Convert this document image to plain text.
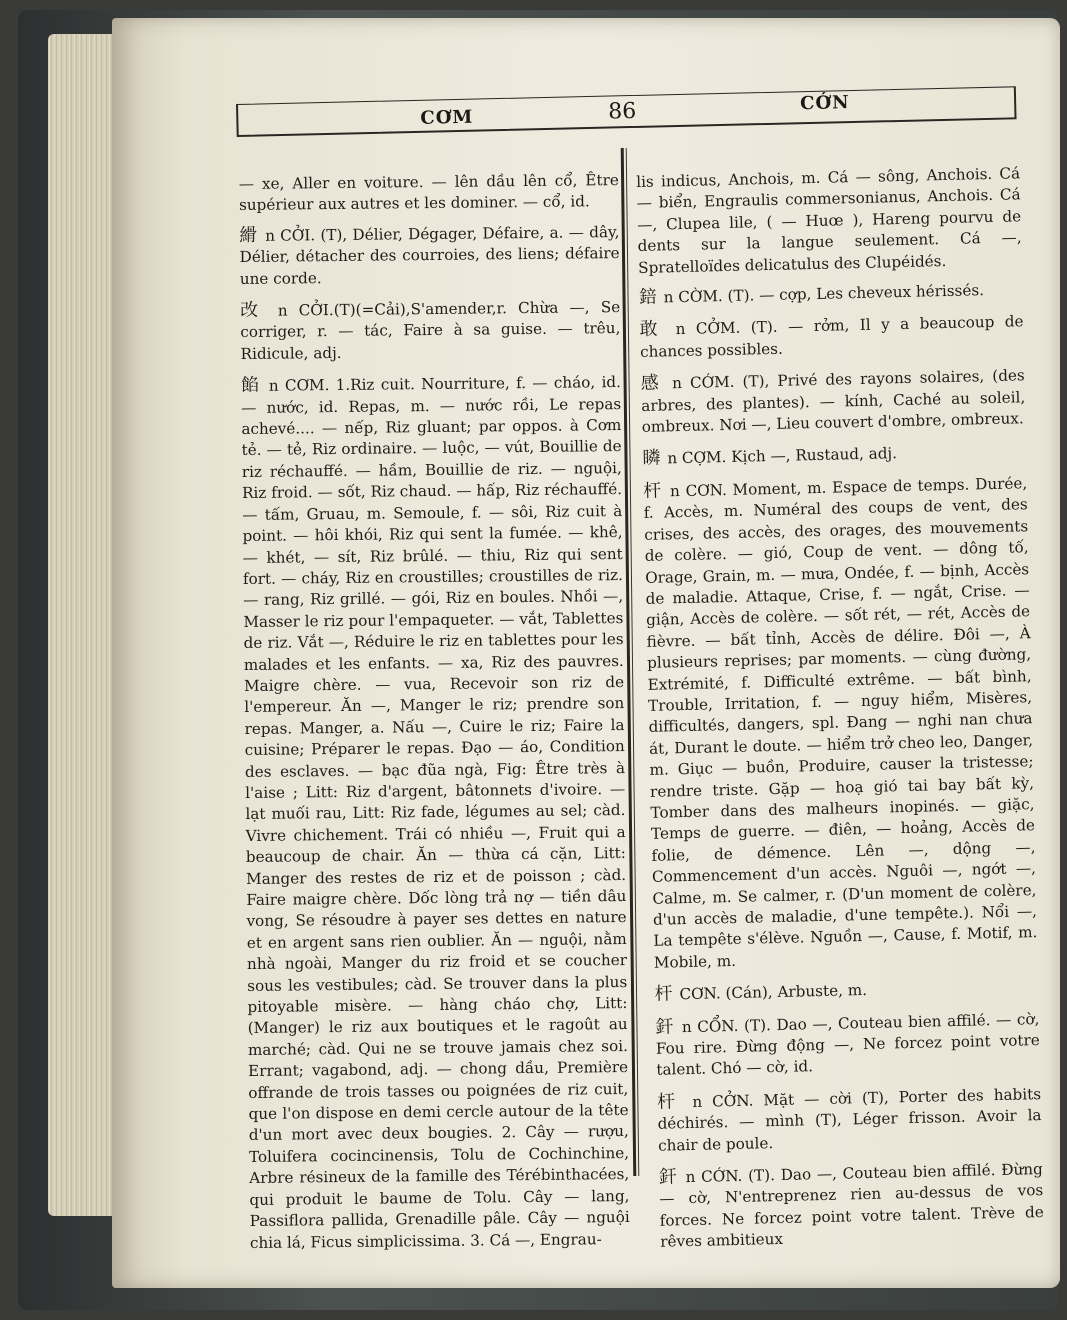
CƠM	86	CỚN

— xe, Aller en voiture. — lên dầu lên cổ, Être supérieur aux autres et les dominer. — cổ, id.

縎 n CỞI. (T), Délier, Dégager, Défaire, a. — dây, Délier, détacher des courroies, des liens; défaire une corde.

改 n CỞI.(T)(=Cải),S'amender,r. Chừa —, Se corriger, r. — tác, Faire à sa guise. — trêu, Ridicule, adj.

餡 n CƠM. 1.Riz cuit. Nourriture, f. — cháo, id. — nước, id. Repas, m. — nước rồi, Le repas achevé.... — nếp, Riz gluant; par oppos. à Cơm tẻ. — tẻ, Riz ordinaire. — luộc, — vút, Bouillie de riz réchauffé. — hầm, Bouillie de riz. — nguội, Riz froid. — sốt, Riz chaud. — hấp, Riz réchauffé. — tấm, Gruau, m. Semoule, f. — sôi, Riz cuit à point. — hôi khói, Riz qui sent la fumée. — khê, — khét, — sít, Riz brûlé. — thiu, Riz qui sent fort. — cháy, Riz en croustilles; croustilles de riz. — rang, Riz grillé. — gói, Riz en boules. Nhồi —, Masser le riz pour l'empaqueter. — vắt, Tablettes de riz. Vắt —, Réduire le riz en tablettes pour les malades et les enfants. — xa, Riz des pauvres. Maigre chère. — vua, Recevoir son riz de l'empereur. Ăn —, Manger le riz; prendre son repas. Manger, a. Nấu —, Cuire le riz; Faire la cuisine; Préparer le repas. Đạo — áo, Condition des esclaves. — bạc đũa ngà, Fig: Être très à l'aise ; Litt: Riz d'argent, bâtonnets d'ivoire. — lạt muối rau, Litt: Riz fade, légumes au sel; càd. Vivre chichement. Trái có nhiều —, Fruit qui a beaucoup de chair. Ăn — thừa cá cặn, Litt: Manger des restes de riz et de poisson ; càd. Faire maigre chère. Dốc lòng trả nợ — tiền dâu vong, Se résoudre à payer ses dettes en nature et en argent sans rien oublier. Ăn — nguội, nằm nhà ngoài, Manger du riz froid et se coucher sous les vestibules; càd. Se trouver dans la plus pitoyable misère. — hàng cháo chợ, Litt: (Manger) le riz aux boutiques et le ragoût au marché; càd. Qui ne se trouve jamais chez soi. Errant; vagabond, adj. — chong dầu, Première offrande de trois tasses ou poignées de riz cuit, que l'on dispose en demi cercle autour de la tête d'un mort avec deux bougies. 2. Cây — rượu, Toluifera cocincinensis, Tolu de Cochinchine, Arbre résineux de la famille des Térébinthacées, qui produit le baume de Tolu. Cây — lang, Passiflora pallida, Grenadille pâle. Cây — nguội chia lá, Ficus simplicissima. 3. Cá —, Engrau-

lis indicus, Anchois, m. Cá — sông, Anchois. Cá — biển, Engraulis commersonianus, Anchois. Cá —, Clupea lile, ( — Huœ ), Hareng pourvu de dents sur la langue seulement. Cá —, Spratelloïdes delicatulus des Clupéidés.

錇 n CỜM. (T). — cợp, Les cheveux hérissés.

敢 n CỞM. (T). — rởm, Il y a beaucoup de chances possibles.

感 n CỚM. (T), Privé des rayons solaires, (des arbres, des plantes). — kính, Caché au soleil, ombreux. Nơi —, Lieu couvert d'ombre, ombreux.

瞵 n CỢM. Kịch —, Rustaud, adj.

杆 n CƠN. Moment, m. Espace de temps. Durée, f. Accès, m. Numéral des coups de vent, des crises, des accès, des orages, des mouvements de colère. — gió, Coup de vent. — dông tố, Orage, Grain, m. — mưa, Ondée, f. — bịnh, Accès de maladie. Attaque, Crise, f. — ngắt, Crise. — giận, Accès de colère. — sốt rét, — rét, Accès de fièvre. — bất tỉnh, Accès de délire. Đôi —, À plusieurs reprises; par moments. — cùng đường, Extrémité, f. Difficulté extrême. — bất bình, Trouble, Irritation, f. — nguy hiểm, Misères, difficultés, dangers, spl. Đang — nghi nan chưa át, Durant le doute. — hiểm trở cheo leo, Danger, m. Giục — buồn, Produire, causer la tristesse; rendre triste. Gặp — hoạ gió tai bay bất kỳ, Tomber dans des malheurs inopinés. — giặc, Temps de guerre. — điên, — hoảng, Accès de folie, de démence. Lên —, dộng —, Commencement d'un accès. Nguôi —, ngớt —, Calme, m. Se calmer, r. (D'un moment de colère, d'un accès de maladie, d'une tempête.). Nổi —, La tempête s'élève. Nguồn —, Cause, f. Motif, m. Mobile, m.

杆 CƠN. (Cán), Arbuste, m.

釬 n CỔN. (T). Dao —, Couteau bien affilé. — cờ, Fou rire. Đừng động —, Ne forcez point votre talent. Chó — cờ, id.

杆 n CỞN. Mặt — cời (T), Porter des habits déchirés. — mình (T), Léger frisson. Avoir la chair de poule.

釬 n CỚN. (T). Dao —, Couteau bien affilé. Đừng — cờ, N'entreprenez rien au-dessus de vos forces. Ne forcez point votre talent. Trève de rêves ambitieux
